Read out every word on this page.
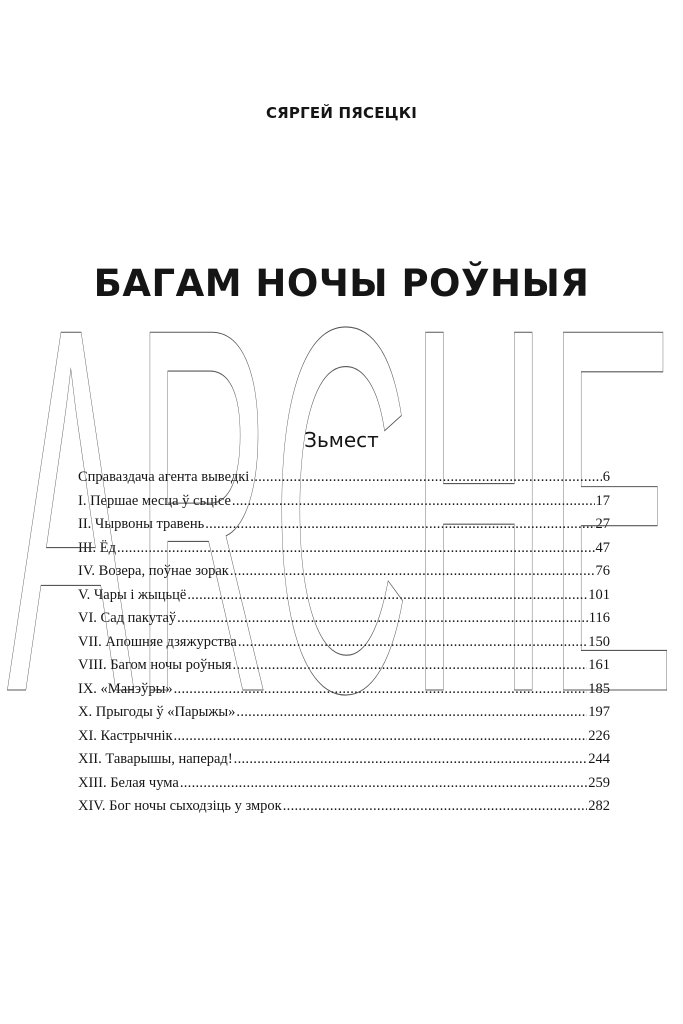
СЯРГЕЙ ПЯСЕЦКІ
БАГАМ НОЧЫ РОЎНЫЯ
ARCHE
Зьмест
Справаздача агента выведкі .....	6
I. Першае месца ў сьцісе .....	17
II. Чырвоны травень .....	27
III. Ёд .....	47
IV. Возера, поўнае зорак .....	76
V. Чары і жыцьцё .....	101
VI. Сад пакутаў .....	116
VII. Апошняе дзяжурства .....	150
VIII. Багом ночы роўныя .....	161
IX. «Манэўры» .....	185
X. Прыгоды ў «Парыжы» .....	197
XI. Кастрычнік .....	226
XII. Таварышы, наперад! .....	244
XIII. Белая чума .....	259
XIV. Бог ночы сыходзіць у змрок .....	282
